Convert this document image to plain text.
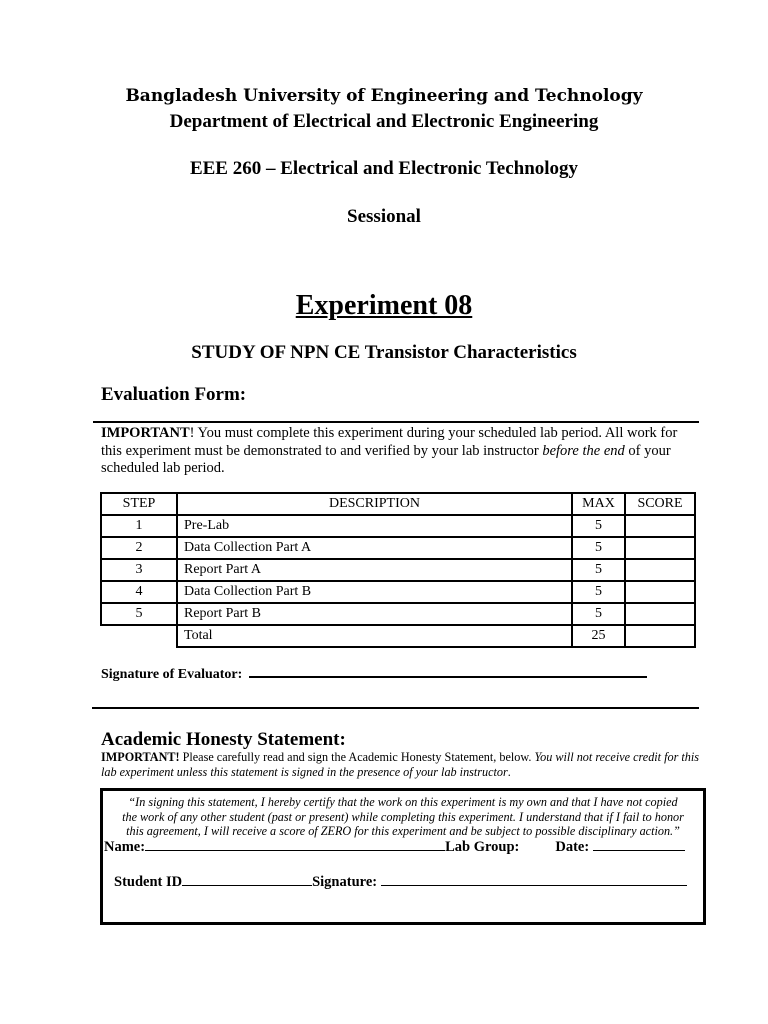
Bangladesh University of Engineering and Technology
Department of Electrical and Electronic Engineering
EEE 260 – Electrical and Electronic Technology
Sessional
Experiment 08
STUDY OF NPN CE Transistor Characteristics
Evaluation Form:
IMPORTANT! You must complete this experiment during your scheduled lab period. All work for this experiment must be demonstrated to and verified by your lab instructor before the end of your scheduled lab period.
STEP	DESCRIPTION	MAX	SCORE
1	Pre-Lab	5	
2	Data Collection Part A	5	
3	Report Part A	5	
4	Data Collection Part B	5	
5	Report Part B	5	
	Total	25	
Signature of Evaluator:
Academic Honesty Statement:
IMPORTANT! Please carefully read and sign the Academic Honesty Statement, below. You will not receive credit for this lab experiment unless this statement is signed in the presence of your lab instructor.
“In signing this statement, I hereby certify that the work on this experiment is my own and that I have not copied
the work of any other student (past or present) while completing this experiment. I understand that if I fail to honor
this agreement, I will receive a score of ZERO for this experiment and be subject to possible disciplinary action.”
Name:	Lab Group: Date:
Student ID	Signature:
